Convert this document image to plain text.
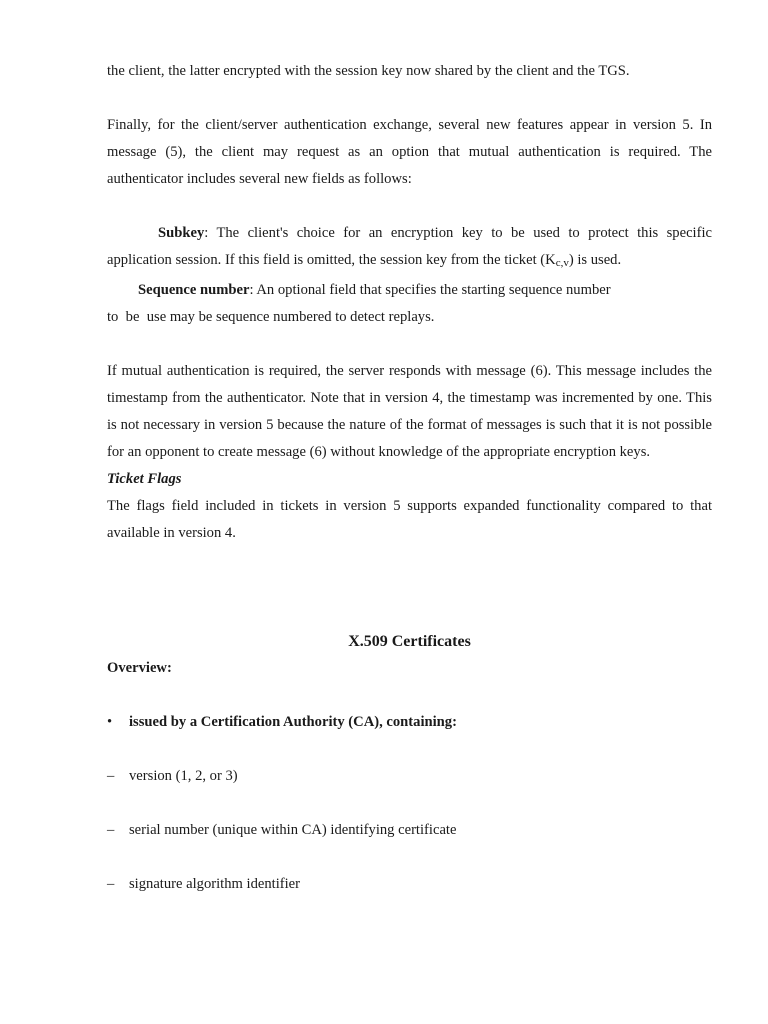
the client, the latter encrypted with the session key now shared by the client and the TGS.

Finally, for the client/server authentication exchange, several new features appear in version 5. In message (5), the client may request as an option that mutual authentication is required. The authenticator includes several new fields as follows:

Subkey: The client's choice for an encryption key to be used to protect this specific application session. If this field is omitted, the session key from the ticket (Kc,v) is used.

Sequence number: An optional field that specifies the starting sequence number

to  be  use may be sequence numbered to detect replays.

If mutual authentication is required, the server responds with message (6). This message includes the timestamp from the authenticator. Note that in version 4, the timestamp was incremented by one. This is not necessary in version 5 because the nature of the format of messages is such that it is not possible for an opponent to create message (6) without knowledge of the appropriate encryption keys.

Ticket Flags

The flags field included in tickets in version 5 supports expanded functionality compared to that available in version 4.

X.509 Certificates

Overview:

•	issued by a Certification Authority (CA), containing:
–	version (1, 2, or 3)
–	serial number (unique within CA) identifying certificate
–	signature algorithm identifier
